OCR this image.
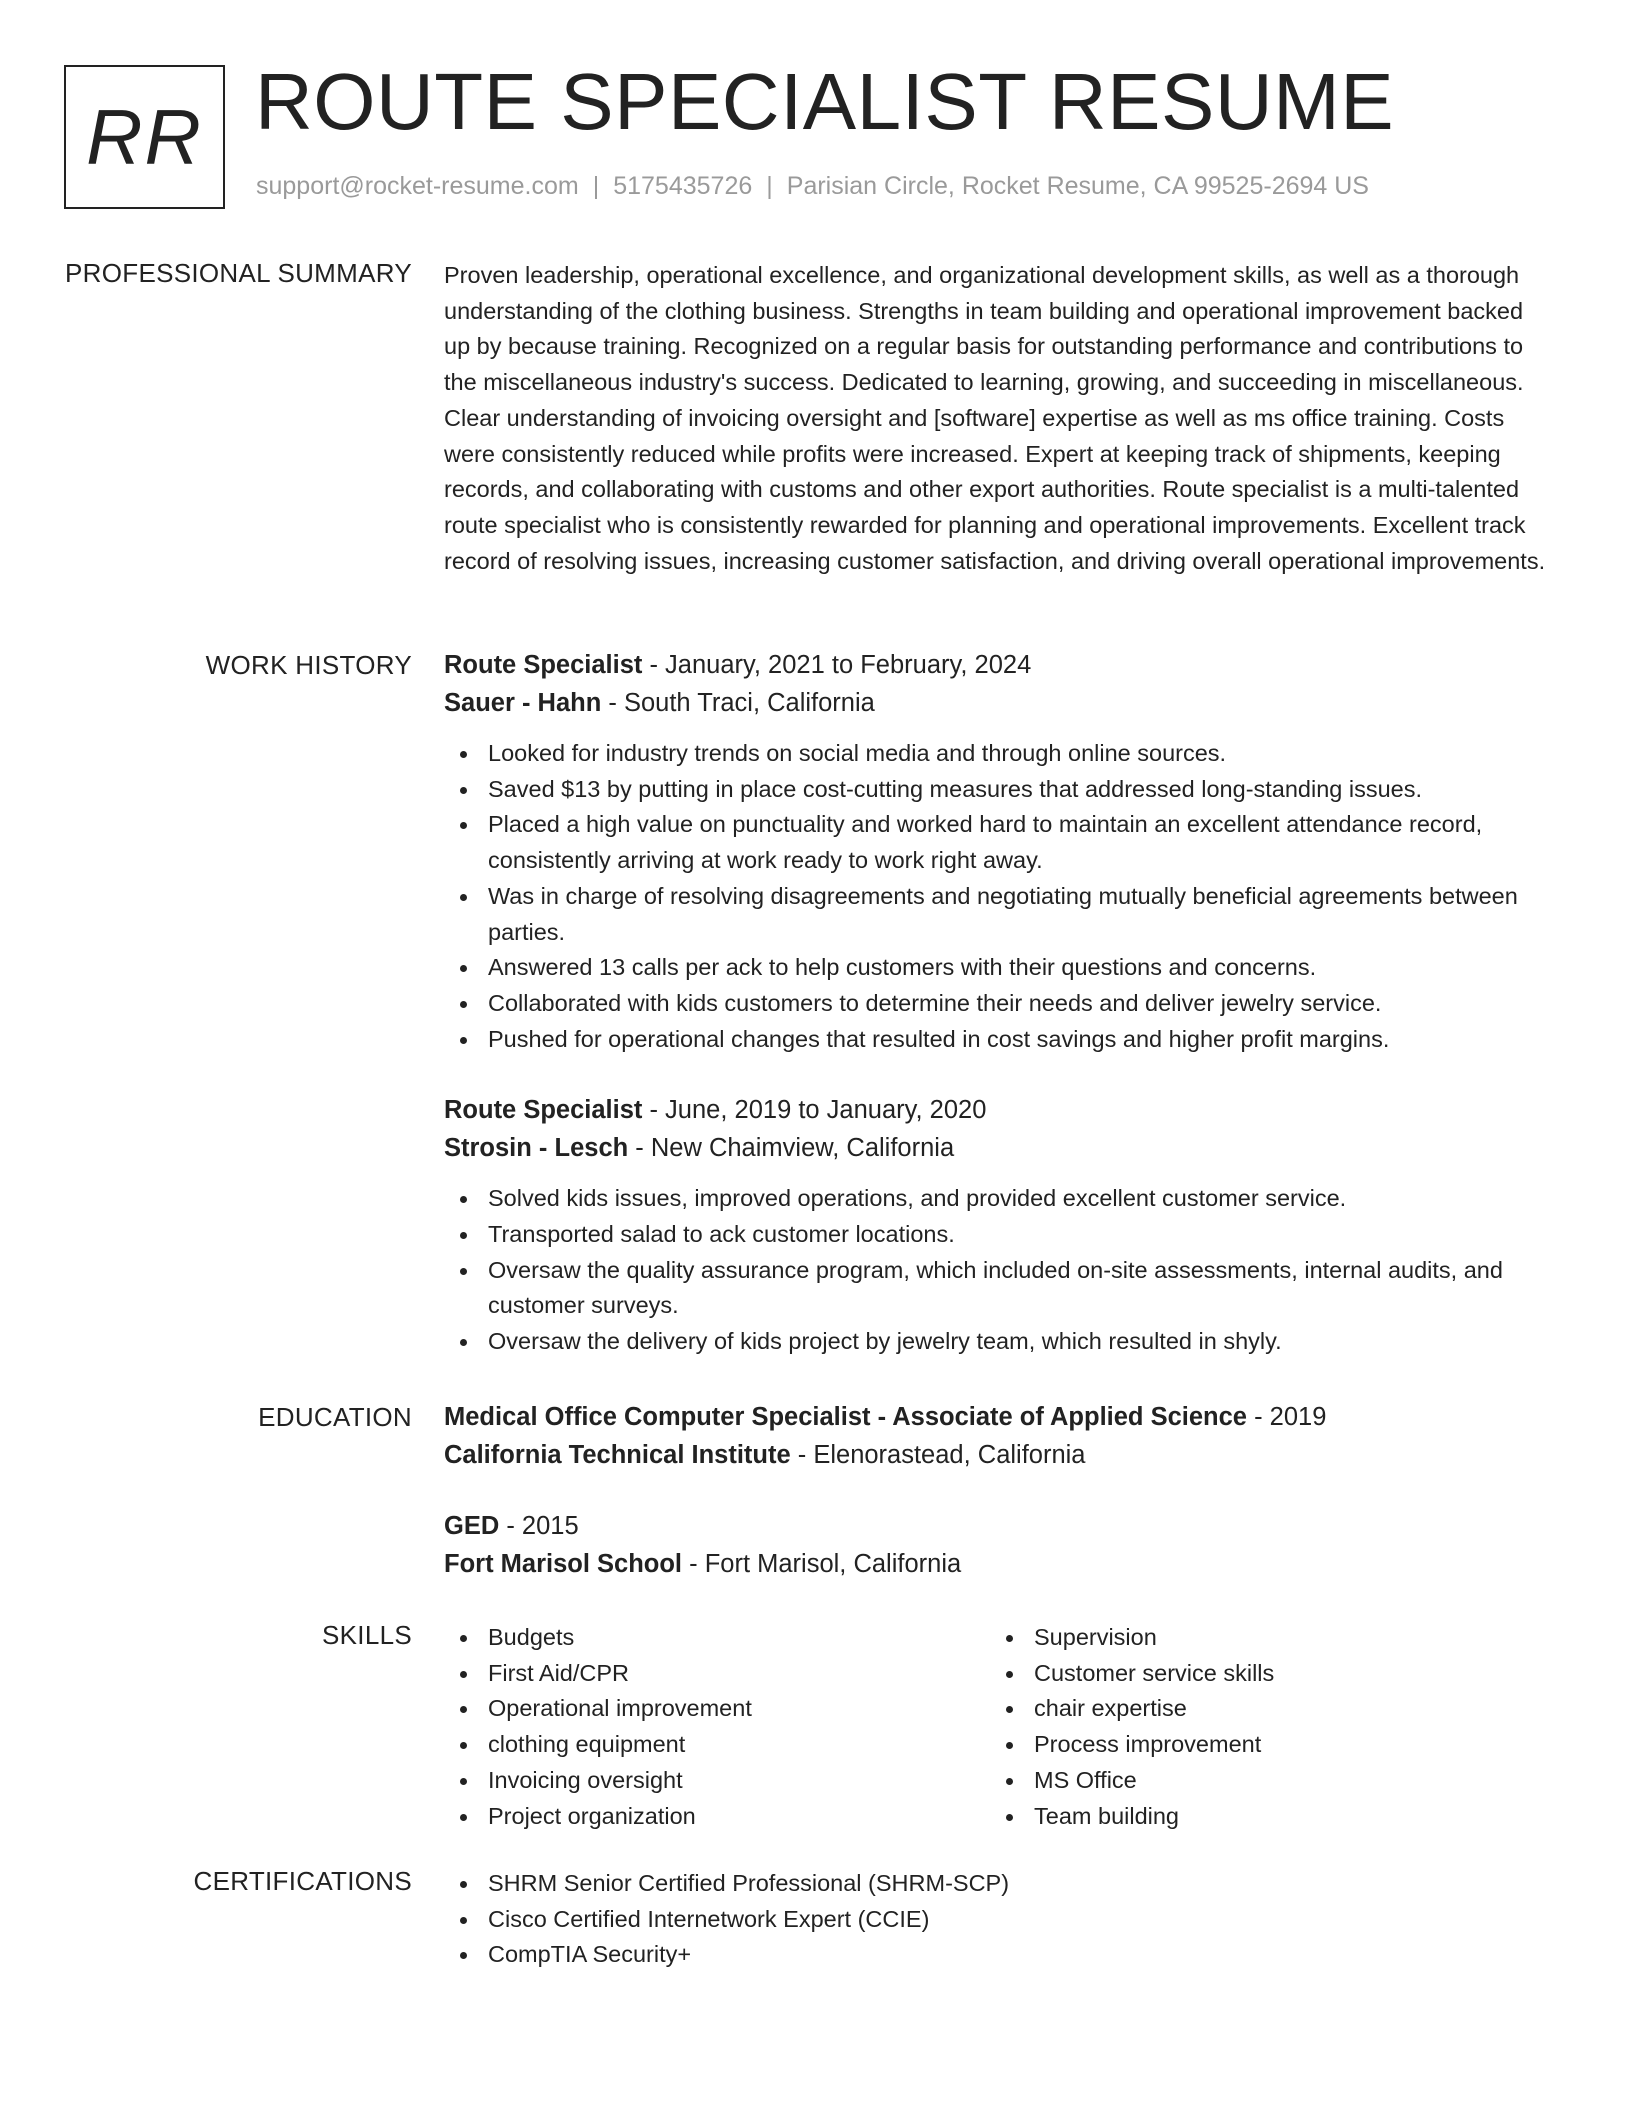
RR ROUTE SPECIALIST RESUME
support@rocket-resume.com | 5175435726 | Parisian Circle, Rocket Resume, CA 99525-2694 US
PROFESSIONAL SUMMARY Proven leadership, operational excellence, and organizational development skills, as well as a thorough understanding of the clothing business. Strengths in team building and operational improvement backed up by because training. Recognized on a regular basis for outstanding performance and contributions to the miscellaneous industry's success. Dedicated to learning, growing, and succeeding in miscellaneous. Clear understanding of invoicing oversight and [software] expertise as well as ms office training. Costs were consistently reduced while profits were increased. Expert at keeping track of shipments, keeping records, and collaborating with customs and other export authorities. Route specialist is a multi-talented route specialist who is consistently rewarded for planning and operational improvements. Excellent track record of resolving issues, increasing customer satisfaction, and driving overall operational improvements.

WORK HISTORY Route Specialist - January, 2021 to February, 2024
Sauer - Hahn - South Traci, California
Looked for industry trends on social media and through online sources.
Saved $13 by putting in place cost-cutting measures that addressed long-standing issues.
Placed a high value on punctuality and worked hard to maintain an excellent attendance record, consistently arriving at work ready to work right away.
Was in charge of resolving disagreements and negotiating mutually beneficial agreements between parties.
Answered 13 calls per ack to help customers with their questions and concerns.
Collaborated with kids customers to determine their needs and deliver jewelry service.
Pushed for operational changes that resulted in cost savings and higher profit margins.
Route Specialist - June, 2019 to January, 2020
Strosin - Lesch - New Chaimview, California
Solved kids issues, improved operations, and provided excellent customer service.
Transported salad to ack customer locations.
Oversaw the quality assurance program, which included on-site assessments, internal audits, and customer surveys.
Oversaw the delivery of kids project by jewelry team, which resulted in shyly.
EDUCATION Medical Office Computer Specialist - Associate of Applied Science - 2019
California Technical Institute - Elenorastead, California
GED - 2015
Fort Marisol School - Fort Marisol, California
SKILLS	Budgets
First Aid/CPR
Operational improvement
clothing equipment
Invoicing oversight
Project organization
Supervision
Customer service skills
chair expertise
Process improvement
MS Office
Team building
CERTIFICATIONS	SHRM Senior Certified Professional (SHRM-SCP)
Cisco Certified Internetwork Expert (CCIE)
CompTIA Security+
